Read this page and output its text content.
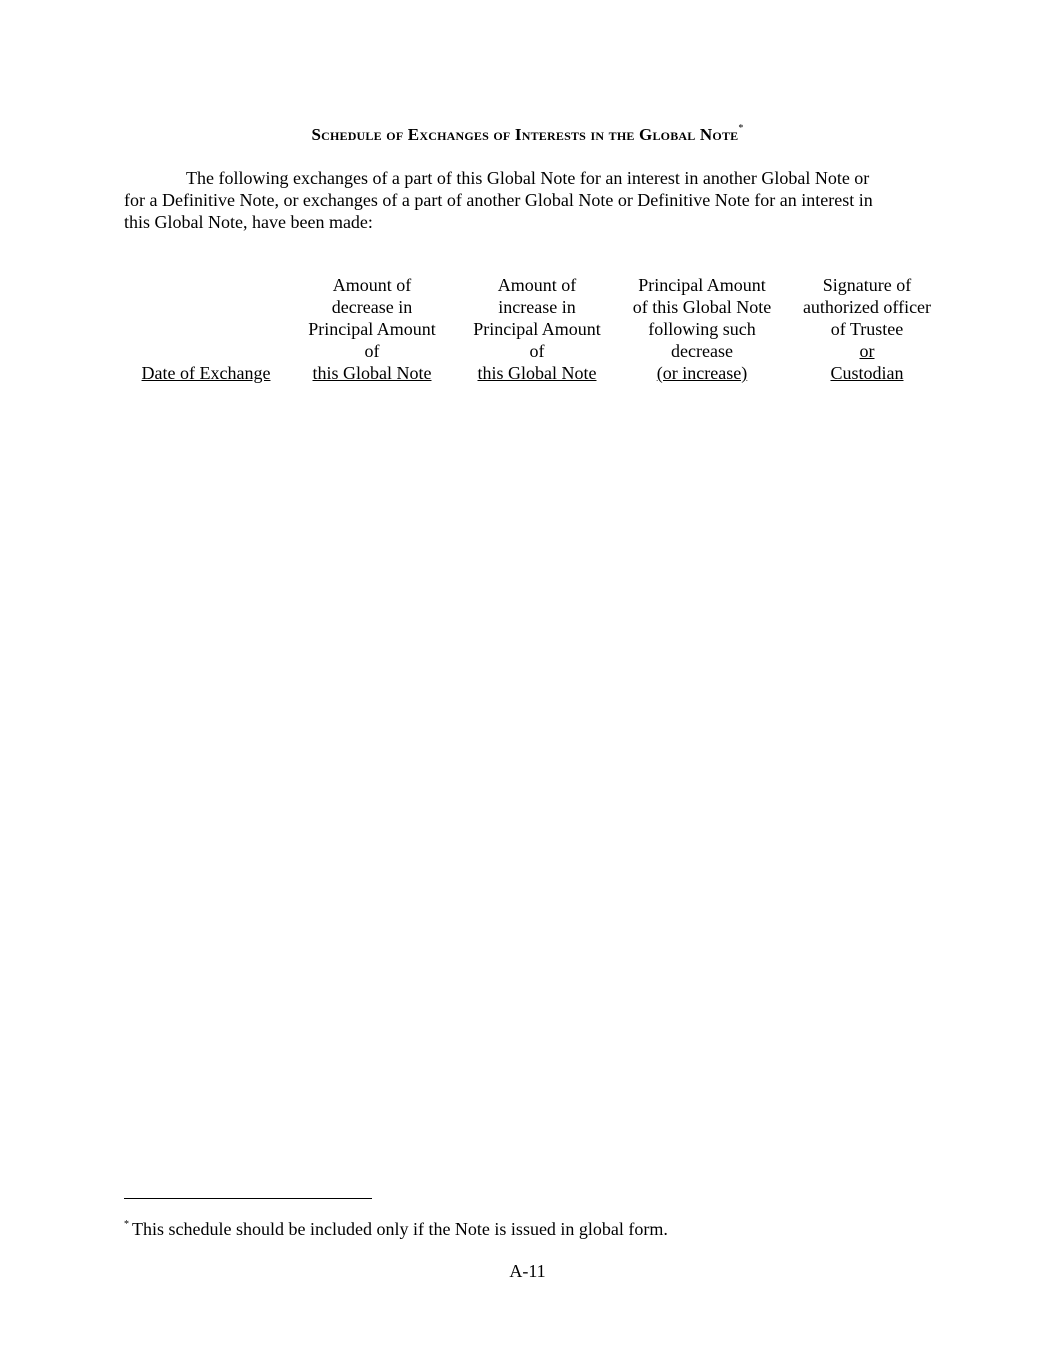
Schedule of Exchanges of Interests in the Global Note*
The following exchanges of a part of this Global Note for an interest in another Global Note or
for a Definitive Note, or exchanges of a part of another Global Note or Definitive Note for an interest in
this Global Note, have been made:
Date of Exchange
Amount of
decrease in
Principal Amount
of
this Global Note
Amount of
increase in
Principal Amount
of
this Global Note
Principal Amount
of this Global Note
following such
decrease
(or increase)
Signature of
authorized officer
of Trustee
or
Custodian
* This schedule should be included only if the Note is issued in global form.
A-11
